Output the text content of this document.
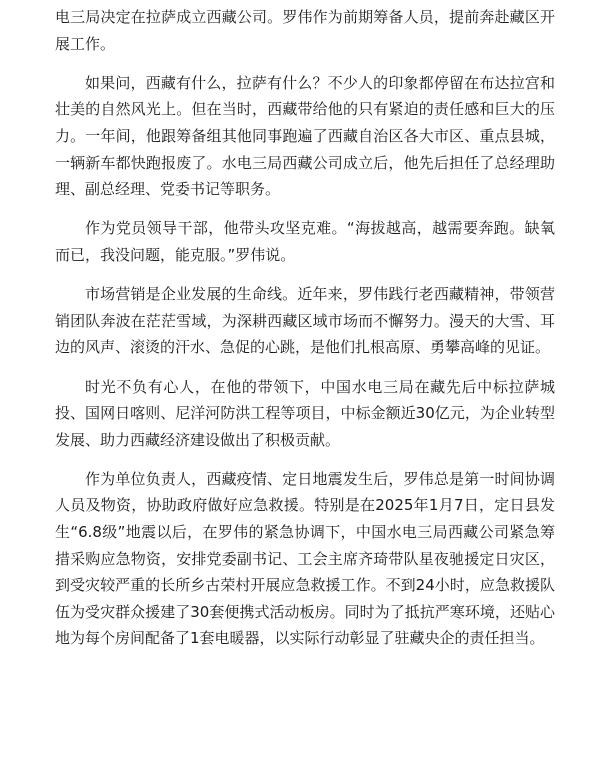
电三局决定在拉萨成立西藏公司。罗伟作为前期筹备人员，提前奔赴藏区开展工作。

如果问，西藏有什么，拉萨有什么？不少人的印象都停留在布达拉宫和壮美的自然风光上。但在当时，西藏带给他的只有紧迫的责任感和巨大的压力。一年间，他跟筹备组其他同事跑遍了西藏自治区各大市区、重点县城，一辆新车都快跑报废了。水电三局西藏公司成立后，他先后担任了总经理助理、副总经理、党委书记等职务。

作为党员领导干部，他带头攻坚克难。“海拔越高，越需要奔跑。缺氧而已，我没问题，能克服。”罗伟说。

市场营销是企业发展的生命线。近年来，罗伟践行老西藏精神，带领营销团队奔波在茫茫雪域，为深耕西藏区域市场而不懈努力。漫天的大雪、耳边的风声、滚烫的汗水、急促的心跳，是他们扎根高原、勇攀高峰的见证。

时光不负有心人，在他的带领下，中国水电三局在藏先后中标拉萨城投、国网日喀则、尼洋河防洪工程等项目，中标金额近30亿元，为企业转型发展、助力西藏经济建设做出了积极贡献。

作为单位负责人，西藏疫情、定日地震发生后，罗伟总是第一时间协调人员及物资，协助政府做好应急救援。特别是在2025年1月7日，定日县发生“6.8级”地震以后，在罗伟的紧急协调下，中国水电三局西藏公司紧急筹措采购应急物资，安排党委副书记、工会主席齐琦带队星夜驰援定日灾区，到受灾较严重的长所乡古荣村开展应急救援工作。不到24小时，应急救援队伍为受灾群众援建了30套便携式活动板房。同时为了抵抗严寒环境，还贴心地为每个房间配备了1套电暖器，以实际行动彰显了驻藏央企的责任担当。
